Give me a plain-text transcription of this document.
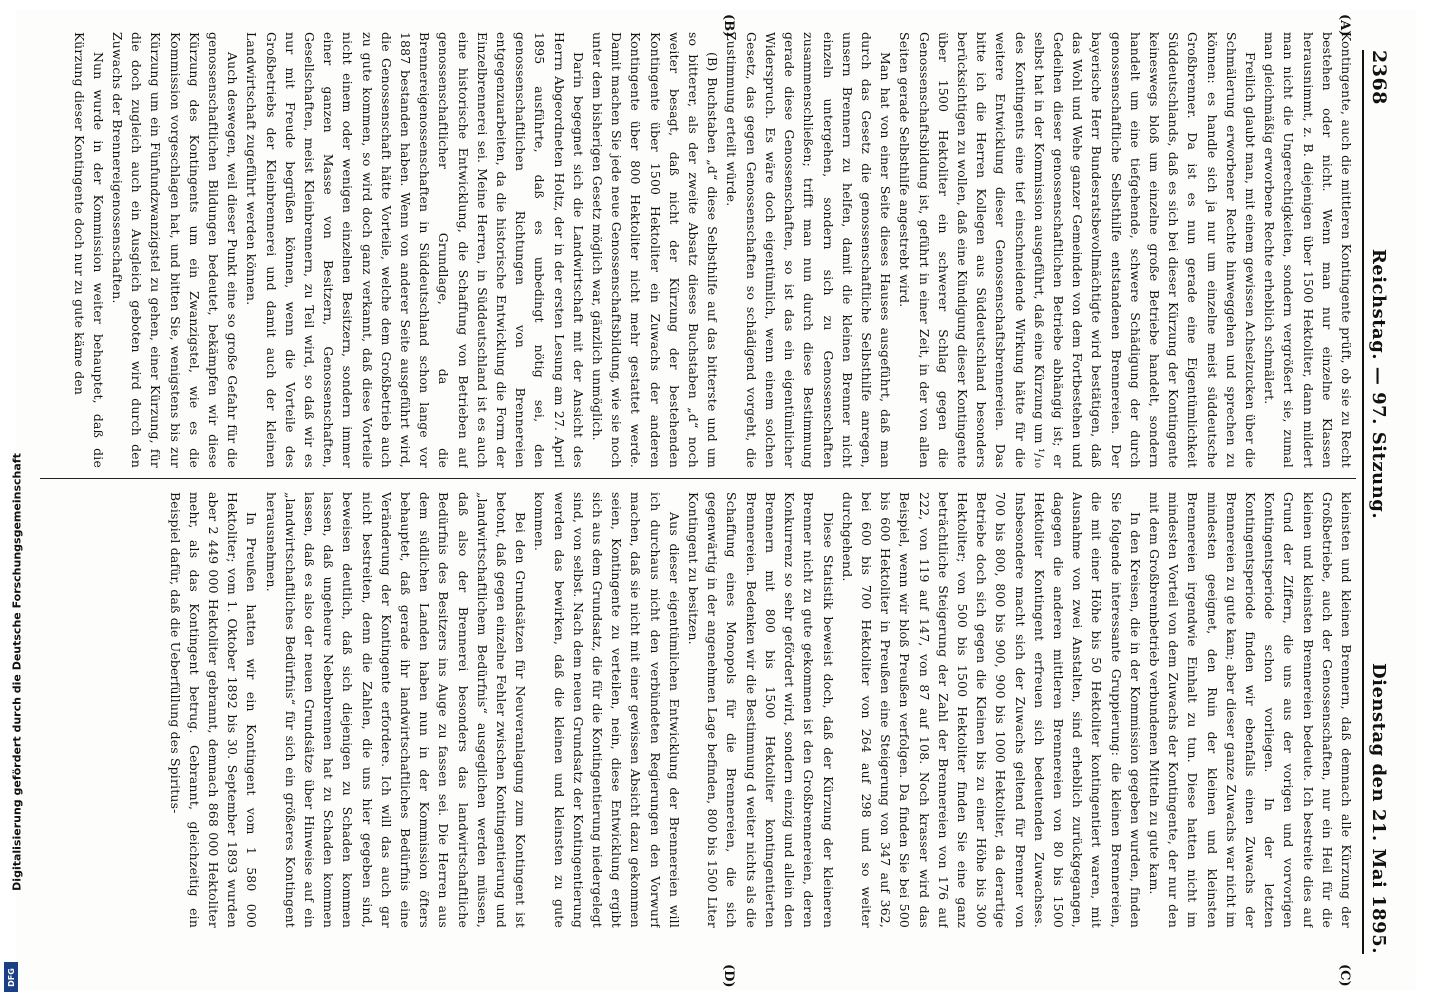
2368
Reichstag. — 97. Sitzung.
Dienstag den 21. Mai 1895.
(A)
(B)
(C)
(D)

Kontingente, auch die mittleren Kontingente prüft, ob sie zu Recht bestehen oder nicht. Wenn man nur einzelne Klassen herausnimmt, z. B. diejenigen über 1500 Hektoliter, dann mildert man nicht die Ungerechtigkeiten, sondern vergrößert sie, zumal man gleichmäßig erworbene Rechte erheblich schmälert.

Freilich glaubt man, mit einem gewissen Achselzucken über die Schmälerung erworbener Rechte hinweggehen und sprechen zu können: es handle sich ja nur um einzelne meist süddeutsche Großbrenner. Da ist es nun gerade eine Eigentümlichkeit Süddeutschlands, daß es sich bei dieser Kürzung der Kontingente keineswegs bloß um einzelne große Betriebe handelt, sondern handelt um eine tiefgehende, schwere Schädigung der durch genossenschaftliche Selbsthilfe entstandenen Brennereien. Der bayerische Herr Bundesratsbevollmächtigte wird bestätigen, daß das Wohl und Wehe ganzer Gemeinden von dem Fortbestehen und Gedeihen dieser genossenschaftlichen Betriebe abhängig ist; er selbst hat in der Kommission ausgeführt, daß eine Kürzung um ¹/₁₀ des Kontingents eine tief einschneidende Wirkung hätte für die weitere Entwicklung dieser Genossenschaftsbrennereien. Das bitte ich die Herren Kollegen aus Süddeutschland besonders berücksichtigen zu wollen, daß eine Kündigung dieser Kontingente über 1500 Hektoliter ein schwerer Schlag gegen die Genossenschaftsbildung ist, geführt in einer Zeit, in der von allen Seiten gerade Selbsthilfe angestrebt wird.

Man hat von einer Seite dieses Hauses ausgeführt, daß man durch das Gesetz die genossenschaftliche Selbsthilfe anregen, unsern Brennern zu helfen, damit die kleinen Brenner nicht einzeln untergehen, sondern sich zu Genossenschaften zusammenschließen; trifft man nun durch diese Bestimmung gerade diese Genossenschaften, so ist das ein eigentümlicher Widerspruch. Es wäre doch eigentümlich, wenn einem solchen Gesetz, das gegen Genossenschaften so schädigend vorgeht, die Zustimmung erteilt würde.

(B) Buchstaben „d“ diese Selbsthilfe auf das bitterste und um so bitterer, als der zweite Absatz dieses Buchstaben „d“ noch weiter besagt, daß nicht der Kürzung der bestehenden Kontingente über 1500 Hektoliter ein Zuwachs der anderen Kontingente über 800 Hektoliter nicht mehr gestattet werde. Damit machen Sie jede neue Genossenschaftsbildung, wie sie noch unter dem bisherigen Gesetz möglich war, gänzlich unmöglich.

Darin begegnet sich die Landwirtschaft mit der Ansicht des Herrn Abgeordneten Holtz, der in der ersten Lesung am 27. April 1895 ausführte, daß es unbedingt nötig sei, den genossenschaftlichen Richtungen von Brennereien entgegenzuarbeiten, da die historische Entwicklung die Form der Einzelbrennerei sei. Meine Herren, in Süddeutschland ist es auch eine historische Entwicklung, die Schaffung von Betrieben auf genossenschaftlicher Grundlage, da die Brennereigenossenschaften in Süddeutschland schon lange vor 1887 bestanden haben. Wenn von anderer Seite ausgeführt wird, die Genossenschaft hätte Vorteile, welche dem Großbetrieb auch zu gute kommen, so wird doch ganz verkannt, daß diese Vorteile nicht einem oder wenigen einzelnen Besitzern, sondern immer einer ganzen Masse von Besitzern, Genossenschaften, Gesellschaften, meist Kleinbrennern, zu Teil wird, so daß wir es nur mit Freude begrüßen können, wenn die Vorteile des Großbetriebs der Kleinbrennerei und damit auch der kleinen Landwirtschaft zugeführt werden können.

Auch deswegen, weil dieser Punkt eine so große Gefahr für die genossenschaftlichen Bildungen bedeutet, bekämpfen wir diese Kürzung des Kontingents um ein Zwanzigstel, wie es die Kommission vorgeschlagen hat, und bitten Sie, wenigstens bis zur Kürzung um ein Fünfundzwanzigstel zu gehen, einer Kürzung, für die doch zugleich auch ein Ausgleich geboten wird durch den Zuwachs der Brennereigenossenschaften.

Nun wurde in der Kommission weiter behauptet, daß die Kürzung dieser Kontingente doch nur zu gute käme den

kleinsten und kleinen Brennern, daß demnach alle Kürzung der Großbetriebe, auch der Genossenschaften, nur ein Heil für die kleinen und kleinsten Brennereien bedeute. Ich bestreite dies auf Grund der Ziffern, die uns aus der vorigen und vorvorigen Kontingentsperiode schon vorliegen. In der letzten Kontingentsperiode finden wir ebenfalls einen Zuwachs der Brennereien zu gute kam; aber dieser ganze Zuwachs war nicht im mindesten geeignet, den Ruin der kleinen und kleinsten Brennereien irgendwie Einhalt zu tun. Diese hatten nicht im mindesten Vorteil von dem Zuwachs der Kontingente, der nur den mit dem Großbrennbetrieb verbundenen Mitteln zu gute kam.

In den Kreisen, die in der Kommission gegeben wurden, finden Sie folgende interessante Gruppierung: die kleinen Brennereien, die mit einer Höhe bis 50 Hektoliter kontingentiert waren, mit Ausnahme von zwei Anstalten, sind erheblich zurückgegangen, dagegen die anderen mittleren Brennereien von 80 bis 1500 Hektoliter Kontingent erfreuen sich bedeutenden Zuwachses. Insbesondere macht sich der Zuwachs geltend für Brenner von 700 bis 800, 800 bis 900, 900 bis 1000 Hektoliter, da derartige Betriebe doch sich gegen die Kleinen bis zu einer Höhe bis 300 Hektoliter; von 500 bis 1500 Hektoliter finden Sie eine ganz beträchtliche Steigerung der Zahl der Brennereien von 176 auf 222, von 119 auf 147, von 87 auf 108. Noch krasser wird das Beispiel, wenn wir bloß Preußen verfolgen. Da finden Sie bei 500 bis 600 Hektoliter in Preußen eine Steigerung von 347 auf 362, bei 600 bis 700 Hektoliter von 264 auf 298 und so weiter durchgehend.

Diese Statistik beweist doch, daß der Kürzung der kleineren Brenner nicht zu gute gekommen ist den Großbrennereien, deren Konkurrenz so sehr gefördert wird, sondern einzig und allein den Brennern mit 800 bis 1500 Hektoliter kontingentierten Brennereien. Bedenken wir die Bestimmung d weiter nichts als die Schaffung eines Monopols für die Brennereien, die sich gegenwärtig in der angenehmen Lage befinden, 800 bis 1500 Liter Kontingent zu besitzen.

Aus dieser eigentümlichen Entwicklung der Brennereien will ich durchaus nicht den verbündeten Regierungen den Vorwurf machen, daß sie nicht mit einer gewissen Absicht dazu gekommen seien, Kontingente zu verteilen, nein, diese Entwicklung ergibt sich aus dem Grundsatz, die für die Kontingentierung niedergelegt sind, von selbst. Nach dem neuen Grundsatz der Kontingentierung werden das bewirken, daß die kleinen und kleinsten zu gute kommen.

Bei den Grundsätzen für Neuveranlagung zum Kontingent ist betont, daß gegen einzelne Fehler zwischen Kontingentierung und „landwirtschaftlichem Bedürfnis“ ausgeglichen werden müssen, daß also der Brennerei besonders das landwirtschaftliche Bedürfnis des Besitzers ins Auge zu fassen sei. Die Herren aus dem südlichen Landen haben nun in der Kommission öfters behauptet, daß gerade ihr landwirtschaftliches Bedürfnis eine Veränderung der Kontingente erfordere. Ich will das auch gar nicht bestreiten, denn die Zahlen, die uns hier gegeben sind, beweisen deutlich, daß sich diejenigen zu Schaden kommen lassen, daß ungeheure Nebenbrennen hat zu Schaden kommen lassen, daß es also der neuen Grundsätze über Hinweise auf ein „landwirtschaftliches Bedürfnis“ für sich ein größeres Kontingent herausnehmen.

In Preußen hatten wir ein Kontingent vom 1 580 000 Hektoliter; vom 1. Oktober 1892 bis 30. September 1893 wurden aber 2 449 000 Hektoliter gebrannt, demnach 868 000 Hektoliter mehr, als das Kontingent betrug. Gebrannt, gleichzeitig ein Beispiel dafür, daß die Ueberfüllung des Spiritus-

Digitalisierung gefördert durch die Deutsche Forschungsgemeinschaft
DFG
